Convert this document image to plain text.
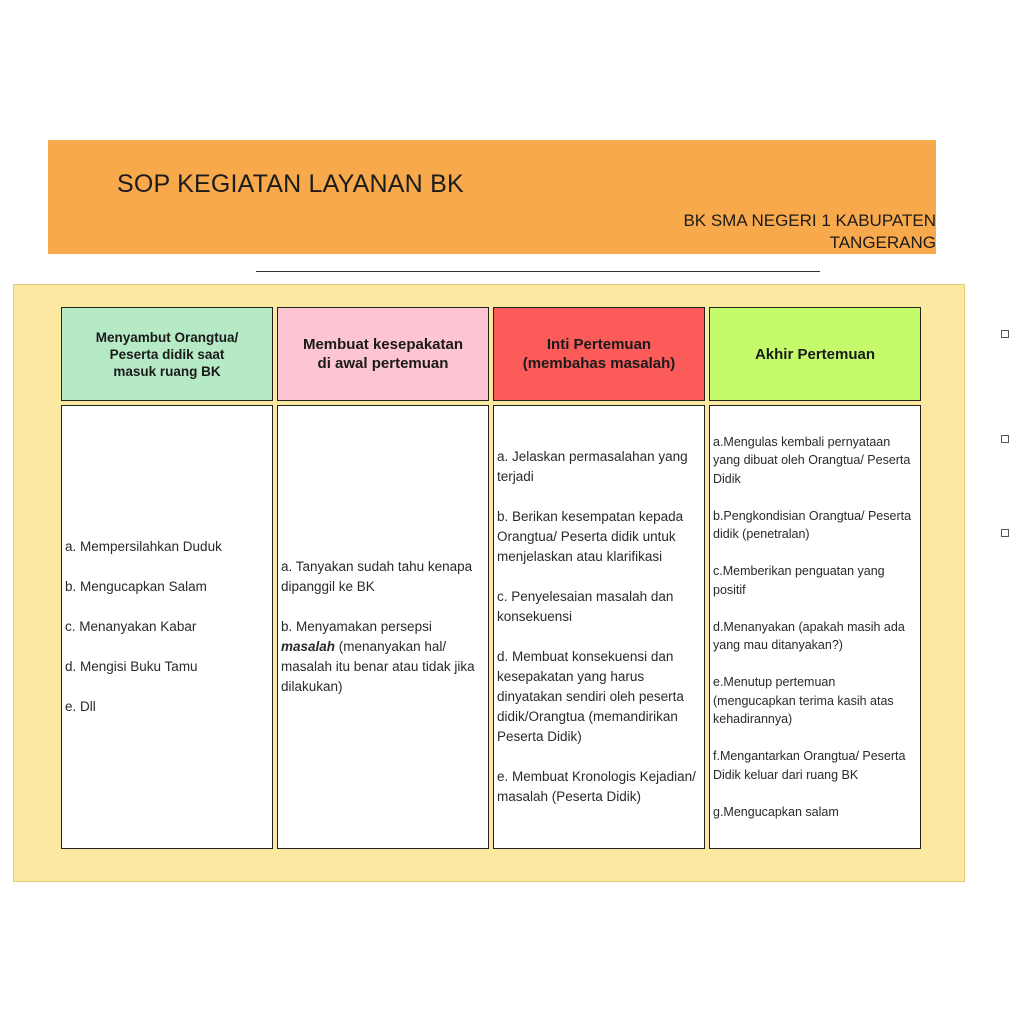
SOP KEGIATAN LAYANAN BK
BK SMA NEGERI 1 KABUPATEN
TANGERANG
Menyambut Orangtua/
Peserta didik saat
masuk ruang BK
a. Mempersilahkan Duduk
b. Mengucapkan Salam
c. Menanyakan Kabar
d. Mengisi Buku Tamu
e. Dll
Membuat kesepakatan
di awal pertemuan
a. Tanyakan sudah tahu kenapa dipanggil ke BK
b. Menyamakan persepsi masalah (menanyakan hal/ masalah itu benar atau tidak jika dilakukan)
Inti Pertemuan
(membahas masalah)
a. Jelaskan permasalahan yang terjadi
b. Berikan kesempatan kepada Orangtua/ Peserta didik untuk menjelaskan atau klarifikasi
c. Penyelesaian masalah dan konsekuensi
d. Membuat konsekuensi dan kesepakatan yang harus dinyatakan sendiri oleh peserta didik/Orangtua (memandirikan Peserta Didik)
e. Membuat Kronologis Kejadian/ masalah (Peserta Didik)
Akhir Pertemuan
a.Mengulas kembali pernyataan yang dibuat oleh Orangtua/ Peserta Didik
b.Pengkondisian Orangtua/ Peserta didik (penetralan)
c.Memberikan penguatan yang positif
d.Menanyakan (apakah masih ada yang mau ditanyakan?)
e.Menutup pertemuan (mengucapkan terima kasih atas kehadirannya)
f.Mengantarkan Orangtua/ Peserta Didik keluar dari ruang BK
g.Mengucapkan salam
